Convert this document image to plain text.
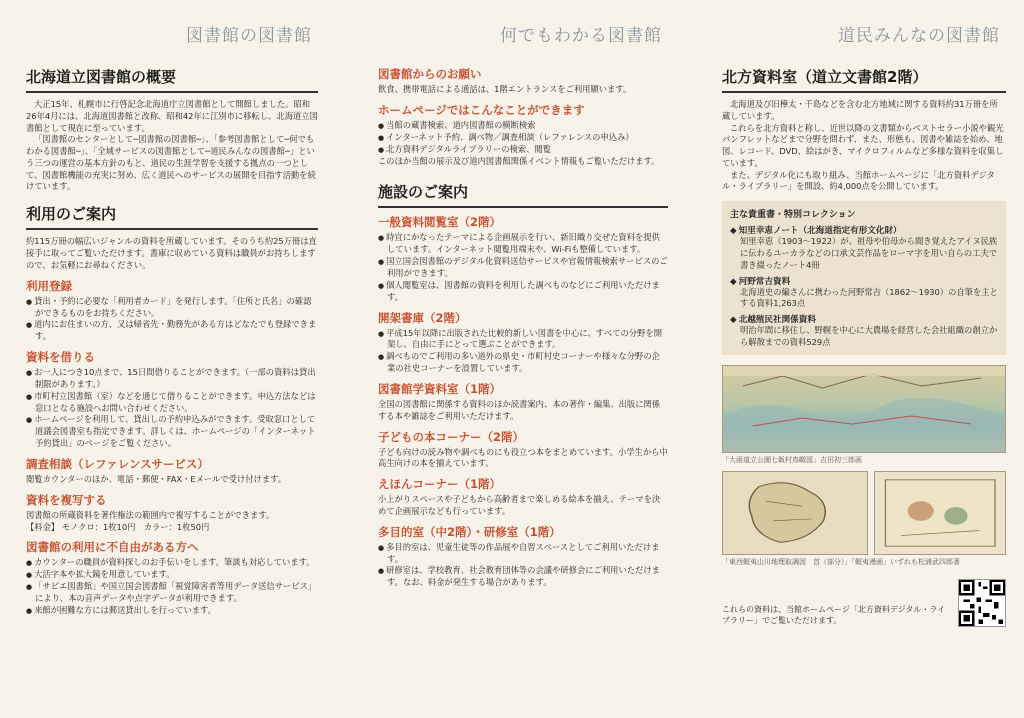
図書館の図書館
北海道立図書館の概要

大正15年、札幌市に行啓記念北海道庁立図書館として開館しました。昭和26年4月には、北海道図書館と改称、昭和42年に江別市に移転し、北海道立図書館として現在に至っています。

「図書館のセンターとして─図書館の図書館─」、「参考図書館として─何でもわかる図書館─」、「全域サービスの図書館として─道民みんなの図書館─」という三つの運営の基本方針のもと、道民の生涯学習を支援する拠点の一つとして、図書館機能の充実に努め、広く道民へのサービスの展開を目指す活動を続けています。

利用のご案内

約115万冊の幅広いジャンルの資料を所蔵しています。そのうち約25万冊は直接手に取ってご覧いただけます。書庫に収めている資料は職員がお持ちしますので、お気軽にお尋ねください。

利用登録
● 貸出・予約に必要な「利用者カード」を発行します。「住所と氏名」の確認ができるものをお持ちください。
● 道内にお住まいの方、又は帰省先・勤務先がある方はどなたでも登録できます。
資料を借りる
● お一人につき10点まで、15日間借りることができます。（一部の資料は貸出制限があります。）
● 市町村立図書館（室）などを通じて借りることができます。申込方法などは窓口となる施設へお問い合わせください。
● ホームページを利用して、貸出しの予約申込みができます。受取窓口として道議会図書室も指定できます。詳しくは、ホームページの「インターネット予約貸出」のページをご覧ください。
調査相談（レファレンスサービス）

閲覧カウンターのほか、電話・郵便・FAX・Eメールで受け付けます。

資料を複写する

図書館の所蔵資料を著作権法の範囲内で複写することができます。

【料金】 モノクロ：1枚10円　カラー：1枚50円

図書館の利用に不自由がある方へ
● カウンターの職員が資料探しのお手伝いをします。筆談も対応しています。
● 大活字本や拡大鏡を用意しています。
● 「サピエ図書館」や国立国会図書館「視覚障害者等用データ送信サービス」により、本の音声データや点字データが利用できます。
● 来館が困難な方には郵送貸出しを行っています。
何でもわかる図書館
図書館からのお願い

飲食、携帯電話による通話は、1階エントランスをご利用願います。

ホームページではこんなことができます
● 当館の蔵書検索、道内図書館の横断検索
● インターネット予約、調べ物／調査相談（レファレンスの申込み）
● 北方資料デジタルライブラリーの検索、閲覧

このほか当館の展示及び道内図書館関係イベント情報もご覧いただけます。

施設のご案内
一般資料閲覧室（2階）
● 時宜にかなったテーマによる企画展示を行い、新旧織り交ぜた資料を提供しています。インターネット閲覧用端末や、Wi-Fiも整備しています。
● 国立国会図書館のデジタル化資料送信サービスや官報情報検索サービスのご利用ができます。
● 個人閲覧室は、図書館の資料を利用した調べものなどにご利用いただけます。
開架書庫（2階）
● 平成15年以降に出版された比較的新しい図書を中心に、すべての分野を開架し、自由に手にとって選ぶことができます。
● 調べものでご利用の多い道外の県史・市町村史コーナーや様々な分野の企業の社史コーナーを設置しています。
図書館学資料室（1階）

全国の図書館に関係する資料のほか読書案内、本の著作・編集、出版に関係する本や雑誌をご利用いただけます。

子どもの本コーナー（2階）

子ども向けの読み物や調べものにも役立つ本をまとめています。小学生から中高生向けの本を揃えています。

えほんコーナー（1階）

小上がりスペースや子どもから高齢者まで楽しめる絵本を揃え、テーマを決めて企画展示なども行っています。

多目的室（中2階）・研修室（1階）
● 多目的室は、児童生徒等の作品展や自習スペースとしてご利用いただけます。
● 研修室は、学校教育、社会教育団体等の会議や研修会にご利用いただけます。なお、料金が発生する場合があります。
道民みんなの図書館
北方資料室（道立文書館2階）

北海道及び旧樺太・千島などを含む北方地域に関する資料約31万冊を所蔵しています。

これらを北方資料と称し、近世以降の文書類からベストセラー小説や観光パンフレットなどまで分野を問わず、また、形態も、図書や雑誌を始め、地図、レコード、DVD、絵はがき、マイクロフィルムなど多様な資料を収集しています。

また、デジタル化にも取り組み、当館ホームページに「北方資料デジタル・ライブラリー」を開設、約4,000点を公開しています。

主な貴重書・特別コレクション
◆ 知里幸恵ノート（北海道指定有形文化財）
知里幸恵（1903～1922）が、祖母や伯母から聞き覚えたアイヌ民族に伝わるユーカラなどの口承文芸作品をローマ字を用い自らの工夫で書き綴ったノート4冊
◆ 河野常吉資料
北海道史の編さんに携わった河野常吉（1862～1930）の自筆を主とする資料1,263点
◆ 北越殖民社関係資料
明治年間に移住し、野幌を中心に大農場を経営した会社組織の創立から解散までの資料529点
「大函道立公園七飯村鳥瞰図」吉田初三郎画
「東西蝦夷山川地理取調図　首（部分）」「蝦夷漫画」いずれも松浦武四郎著

これらの資料は、当館ホームページ「北方資料デジタル・ライブラリー」でご覧いただけます。
